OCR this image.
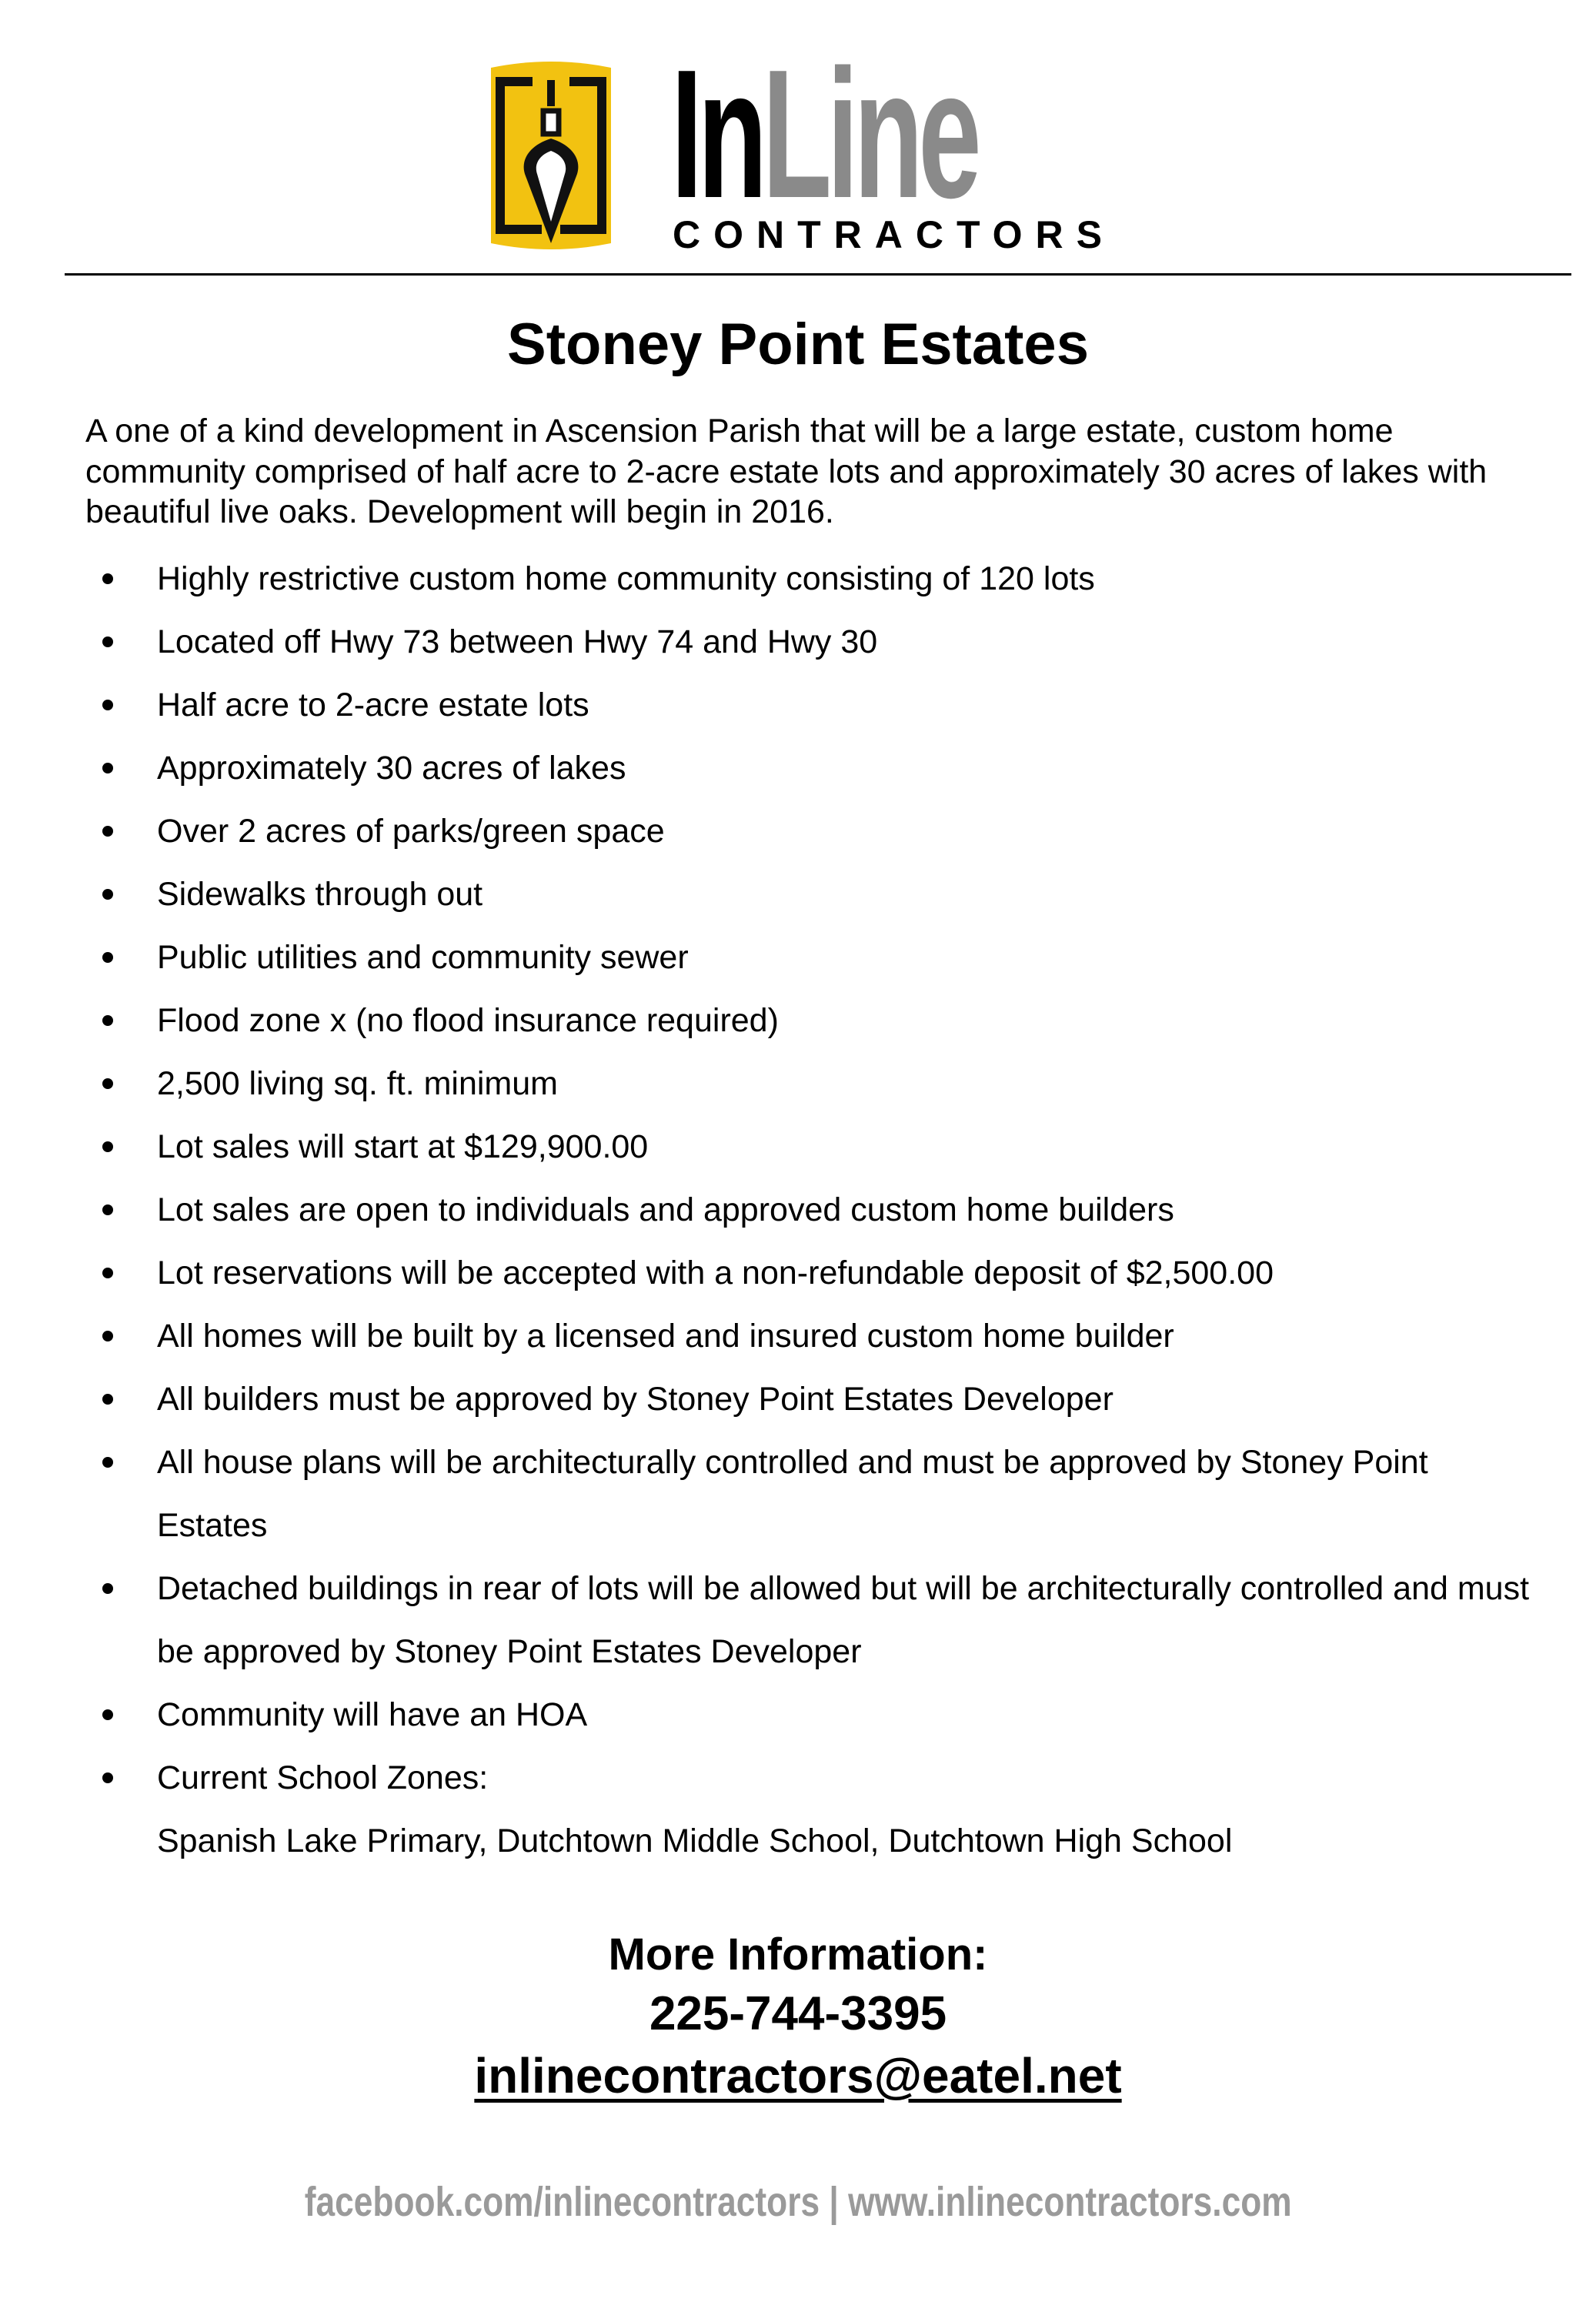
InLine
CONTRACTORS
Stoney Point Estates
A one of a kind development in Ascension Parish that will be a large estate, custom home community comprised of half acre to 2-acre estate lots and approximately 30 acres of lakes with beautiful live oaks. Development will begin in 2016.
Highly restrictive custom home community consisting of 120 lots
Located off Hwy 73 between Hwy 74 and Hwy 30
Half acre to 2-acre estate lots
Approximately 30 acres of lakes
Over 2 acres of parks/green space
Sidewalks through out
Public utilities and community sewer
Flood zone x (no flood insurance required)
2,500 living sq. ft. minimum
Lot sales will start at $129,900.00
Lot sales are open to individuals and approved custom home builders
Lot reservations will be accepted with a non-refundable deposit of $2,500.00
All homes will be built by a licensed and insured custom home builder
All builders must be approved by Stoney Point Estates Developer
All house plans will be architecturally controlled and must be approved by Stoney Point Estates
Detached buildings in rear of lots will be allowed but will be architecturally controlled and must be approved by Stoney Point Estates Developer
Community will have an HOA
Current School Zones:
Spanish Lake Primary, Dutchtown Middle School, Dutchtown High School
More Information:
225-744-3395
inlinecontractors@eatel.net
facebook.com/inlinecontractors | www.inlinecontractors.com
